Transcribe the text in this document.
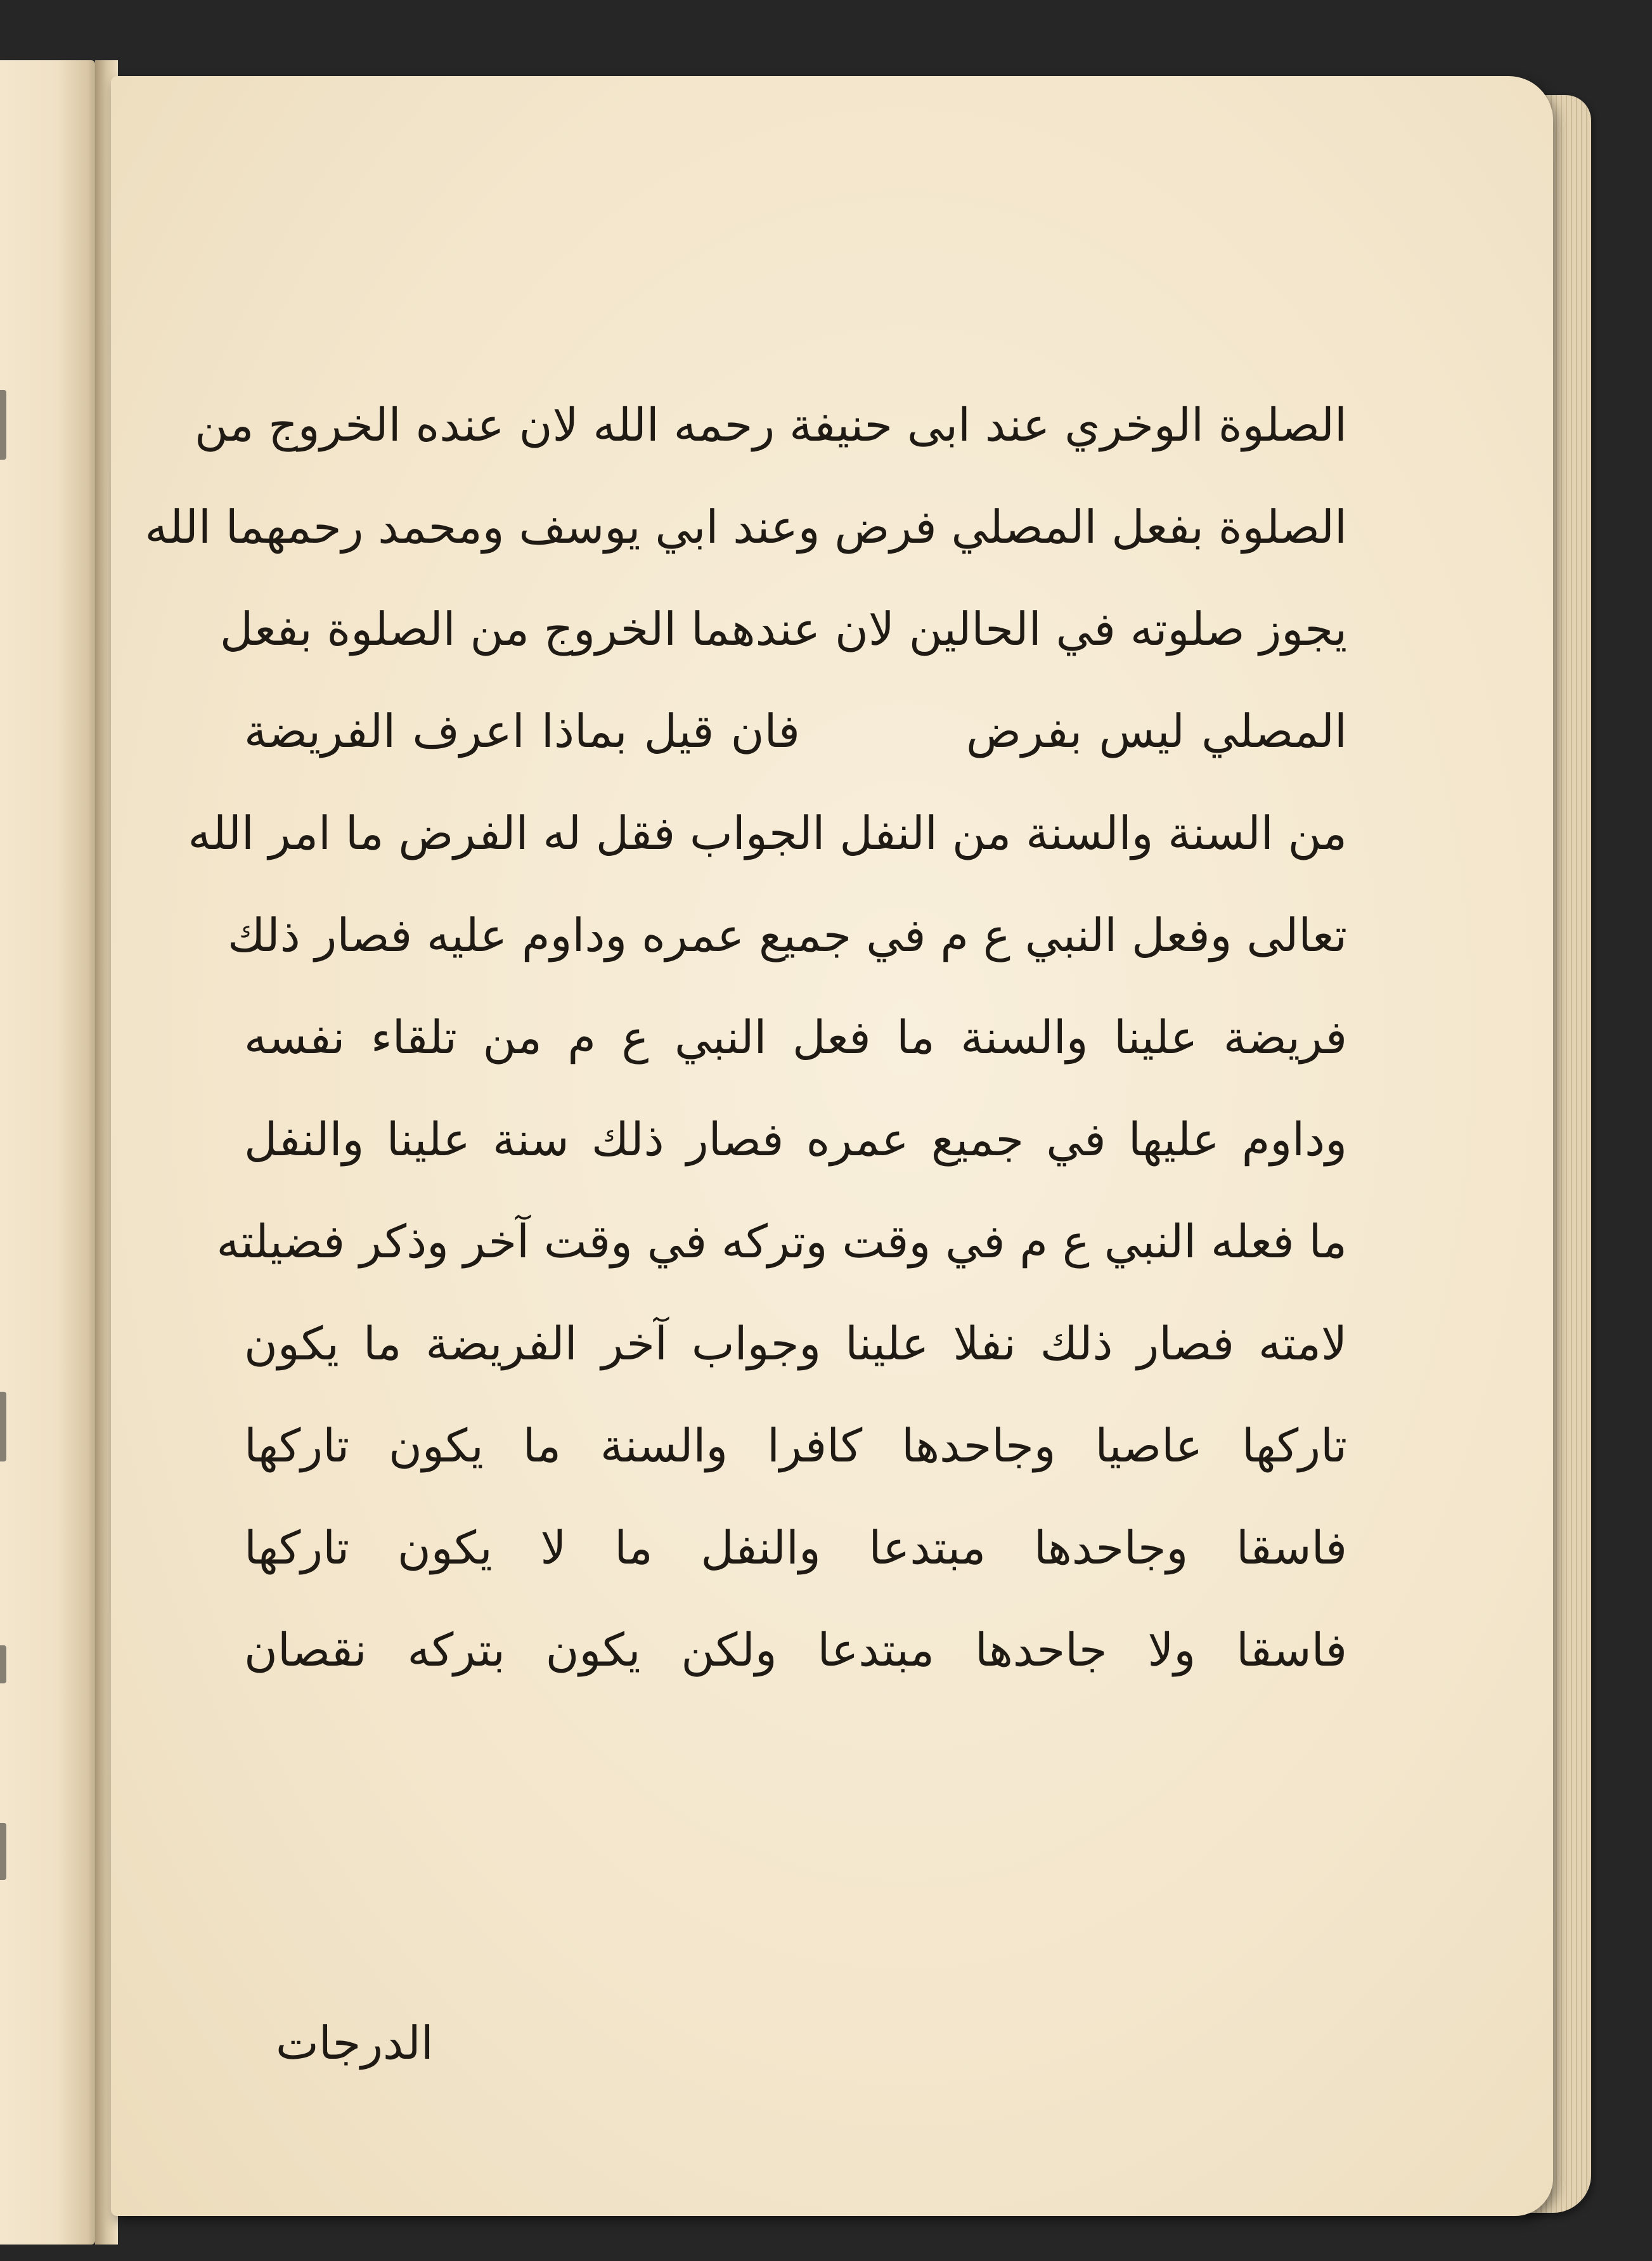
الصلوة الوخري عند ابى حنيفة رحمه الله لان عنده الخروج من
الصلوة بفعل المصلي فرض وعند ابي يوسف ومحمد رحمهما الله
يجوز صلوته في الحالين لان عندهما الخروج من الصلوة بفعل
المصلي ليس بفرض          فان قيل بماذا اعرف الفريضة
من السنة والسنة من النفل الجواب فقل له الفرض ما امر الله
تعالى وفعل النبي ع م في جميع عمره وداوم عليه فصار ذلك
فريضة علينا والسنة ما فعل النبي ع م من تلقاء نفسه
وداوم عليها في جميع عمره فصار ذلك سنة علينا والنفل
ما فعله النبي ع م في وقت وتركه في وقت آخر وذكر فضيلته
لامته فصار ذلك نفلا علينا وجواب آخر الفريضة ما يكون
تاركها عاصيا وجاحدها كافرا والسنة ما يكون تاركها
فاسقا وجاحدها مبتدعا والنفل ما لا يكون تاركها
فاسقا ولا جاحدها مبتدعا ولكن يكون بتركه نقصان
الدرجات
